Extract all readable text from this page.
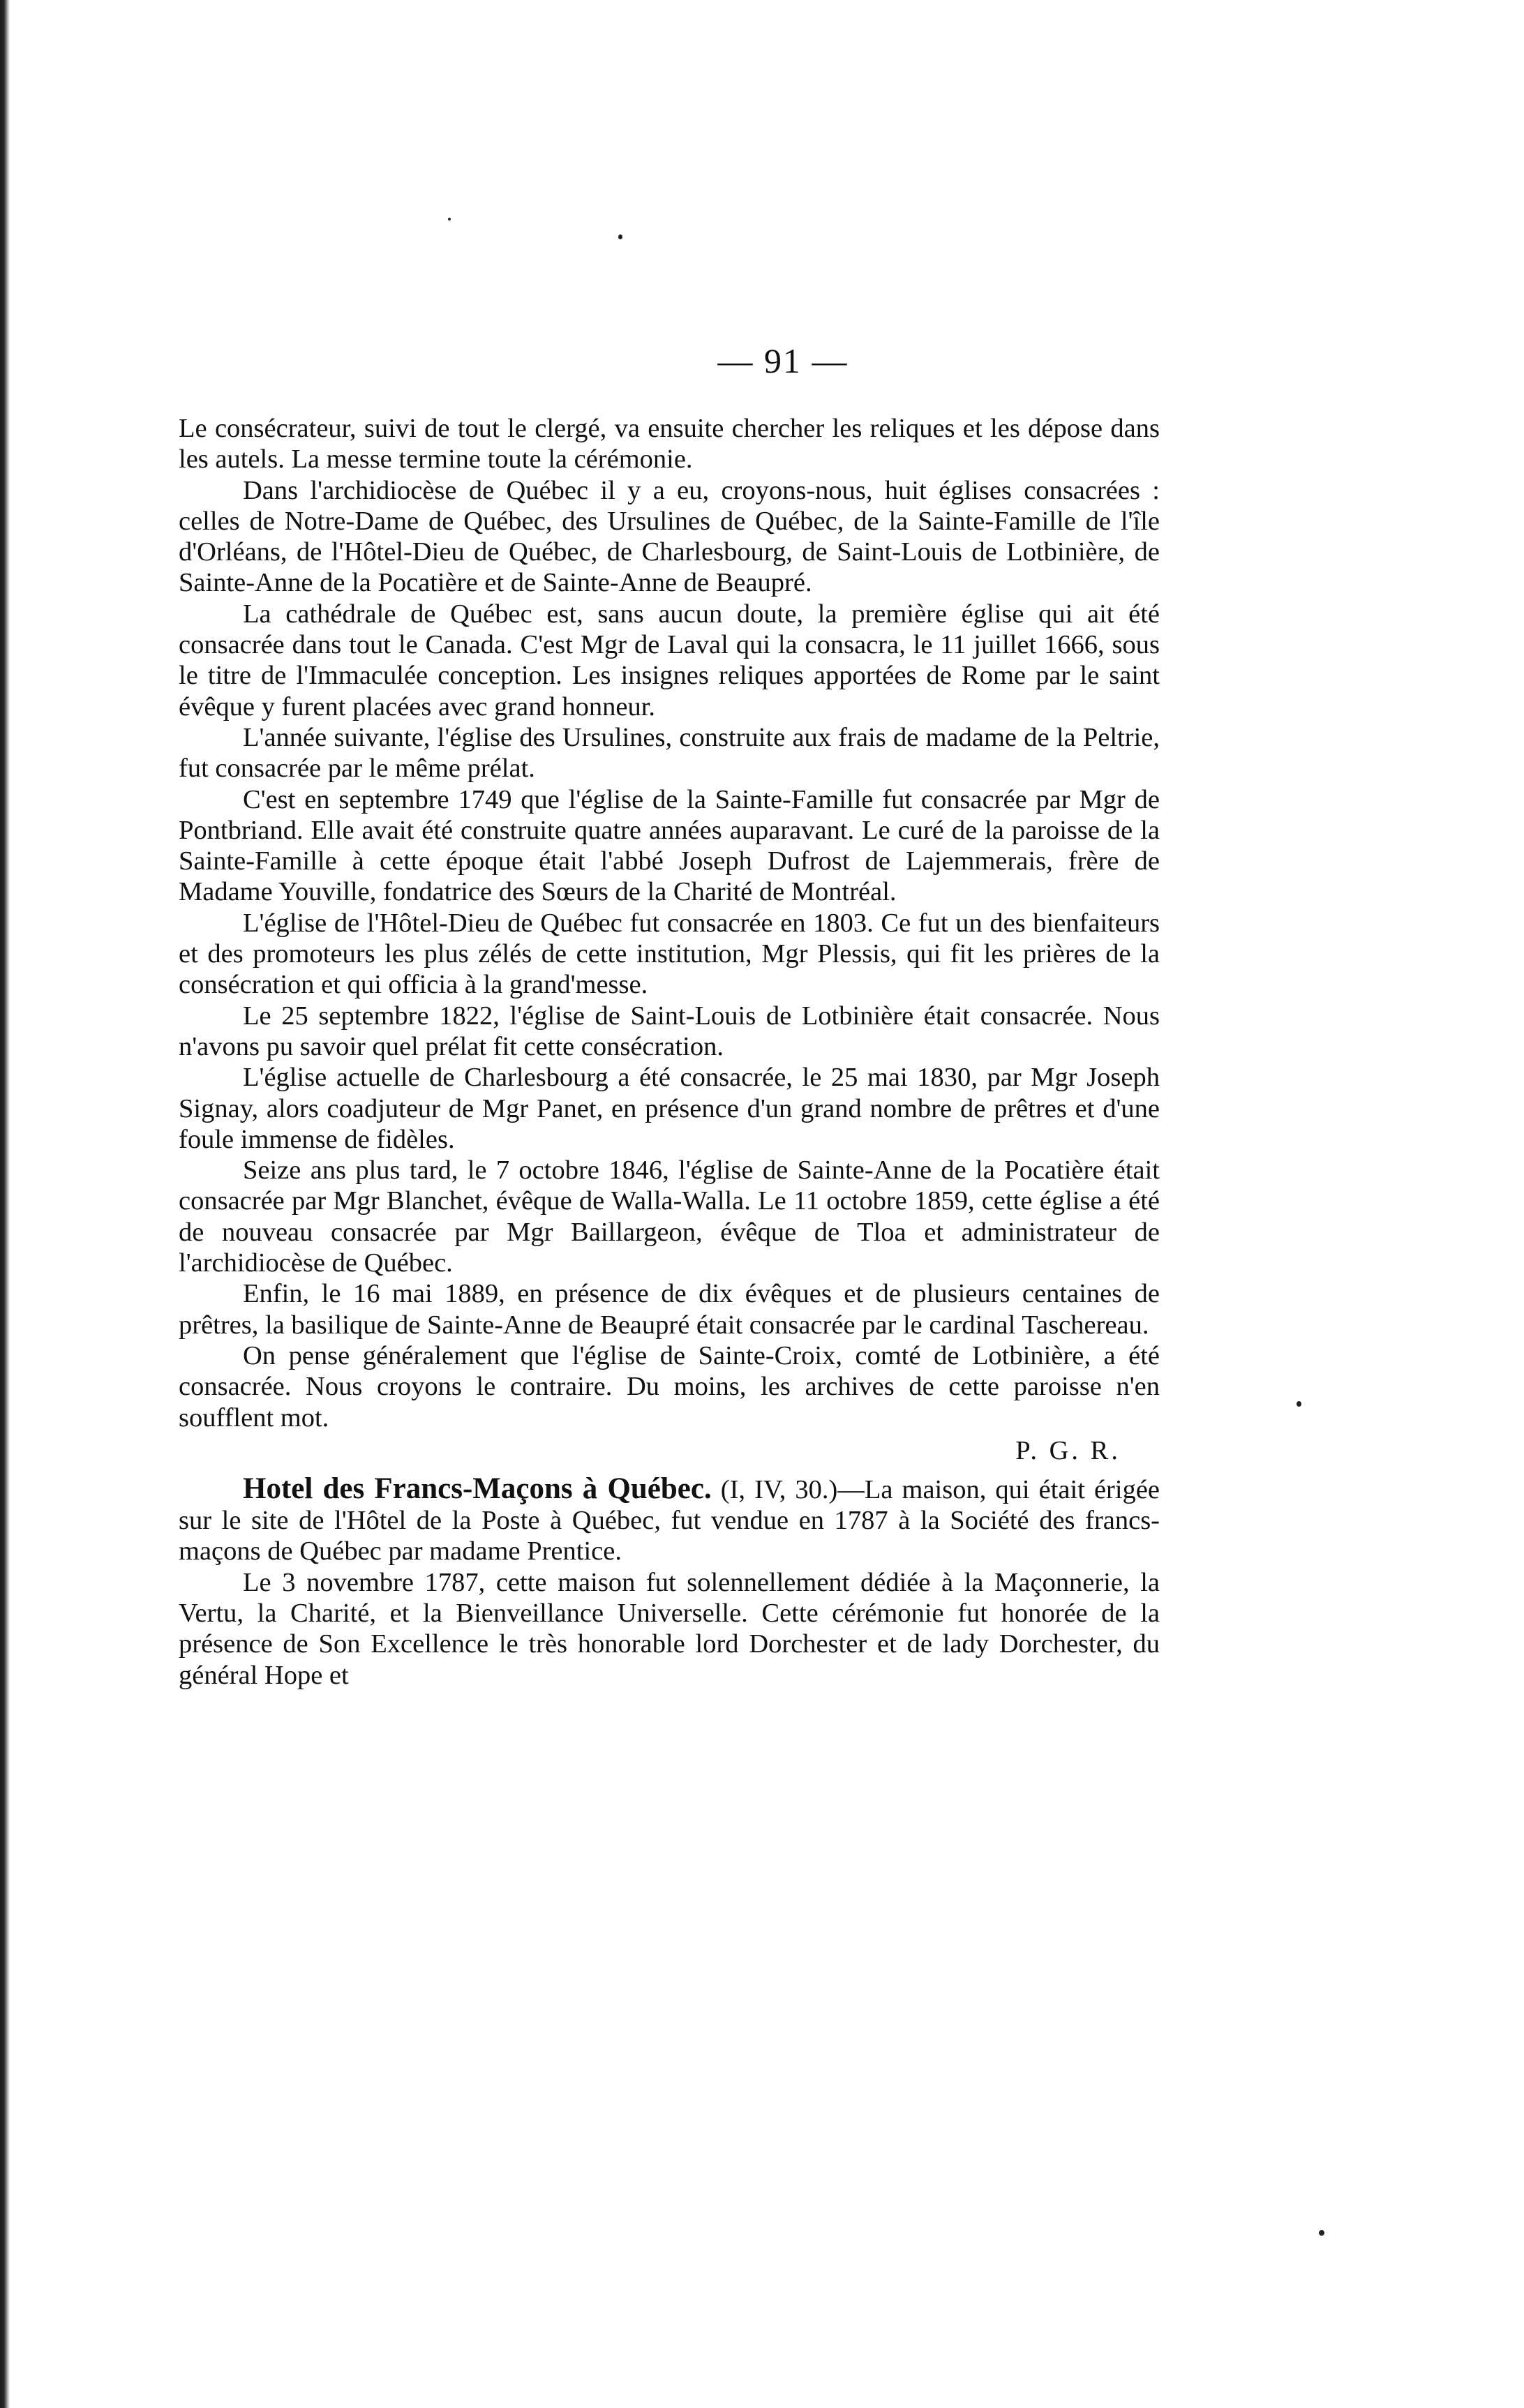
— 91 —

Le consécrateur, suivi de tout le clergé, va ensuite chercher les reliques et les dépose dans les autels. La messe termine toute la cérémonie.

Dans l'archidiocèse de Québec il y a eu, croyons-nous, huit églises consacrées : celles de Notre-Dame de Québec, des Ursulines de Québec, de la Sainte-Famille de l'île d'Orléans, de l'Hôtel-Dieu de Québec, de Charlesbourg, de Saint-Louis de Lotbinière, de Sainte-Anne de la Pocatière et de Sainte-Anne de Beaupré.

La cathédrale de Québec est, sans aucun doute, la première église qui ait été consacrée dans tout le Canada. C'est Mgr de Laval qui la consacra, le 11 juillet 1666, sous le titre de l'Immaculée conception. Les insignes reliques apportées de Rome par le saint évêque y furent placées avec grand honneur.

L'année suivante, l'église des Ursulines, construite aux frais de madame de la Peltrie, fut consacrée par le même prélat.

C'est en septembre 1749 que l'église de la Sainte-Famille fut consacrée par Mgr de Pontbriand. Elle avait été construite quatre années auparavant. Le curé de la paroisse de la Sainte-Famille à cette époque était l'abbé Joseph Dufrost de Lajemmerais, frère de Madame Youville, fondatrice des Sœurs de la Charité de Montréal.

L'église de l'Hôtel-Dieu de Québec fut consacrée en 1803. Ce fut un des bienfaiteurs et des promoteurs les plus zélés de cette institution, Mgr Plessis, qui fit les prières de la consécration et qui officia à la grand'messe.

Le 25 septembre 1822, l'église de Saint-Louis de Lotbinière était consacrée. Nous n'avons pu savoir quel prélat fit cette consécration.

L'église actuelle de Charlesbourg a été consacrée, le 25 mai 1830, par Mgr Joseph Signay, alors coadjuteur de Mgr Panet, en présence d'un grand nombre de prêtres et d'une foule immense de fidèles.

Seize ans plus tard, le 7 octobre 1846, l'église de Sainte-Anne de la Pocatière était consacrée par Mgr Blanchet, évêque de Walla-Walla. Le 11 octobre 1859, cette église a été de nouveau consacrée par Mgr Baillargeon, évêque de Tloa et administrateur de l'archidiocèse de Québec.

Enfin, le 16 mai 1889, en présence de dix évêques et de plusieurs centaines de prêtres, la basilique de Sainte-Anne de Beaupré était consacrée par le cardinal Taschereau.

On pense généralement que l'église de Sainte-Croix, comté de Lotbinière, a été consacrée. Nous croyons le contraire. Du moins, les archives de cette paroisse n'en soufflent mot.

P. G. R.

Hotel des Francs-Maçons à Québec. (I, IV, 30.)—La maison, qui était érigée sur le site de l'Hôtel de la Poste à Québec, fut vendue en 1787 à la Société des francs-maçons de Québec par madame Prentice.

Le 3 novembre 1787, cette maison fut solennellement dédiée à la Maçonnerie, la Vertu, la Charité, et la Bienveillance Universelle. Cette cérémonie fut honorée de la présence de Son Excellence le très honorable lord Dorchester et de lady Dorchester, du général Hope et
